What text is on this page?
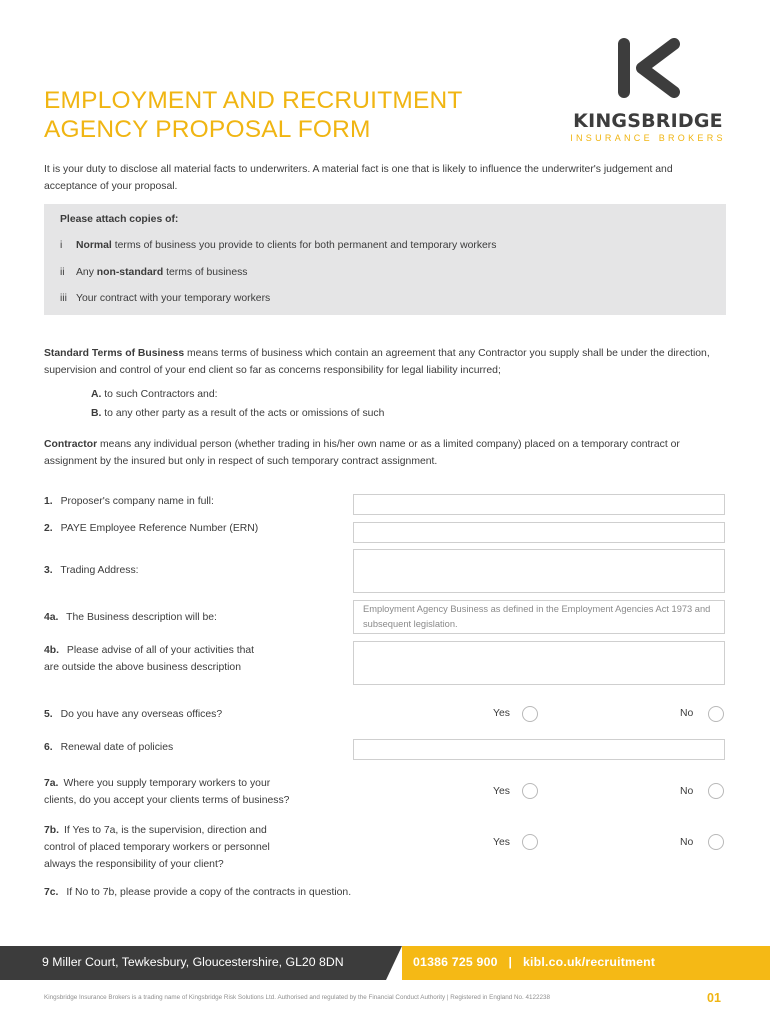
EMPLOYMENT AND RECRUITMENT
AGENCY PROPOSAL FORM	KINGSBRIDGE
INSURANCE BROKERS
It is your duty to disclose all material facts to underwriters. A material fact is one that is likely to influence the underwriter's judgement and acceptance of your proposal.
Please attach copies of:
i Normal terms of business you provide to clients for both permanent and temporary workers
ii Any non-standard terms of business
iii Your contract with your temporary workers
Standard Terms of Business means terms of business which contain an agreement that any Contractor you supply shall be under the direction, supervision and control of your end client so far as concerns responsibility for legal liability incurred;
A. to such Contractors and:
B. to any other party as a result of the acts or omissions of such
Contractor means any individual person (whether trading in his/her own name or as a limited company) placed on a temporary contract or assignment by the insured but only in respect of such temporary contract assignment.
1. Proposer's company name in full:
2. PAYE Employee Reference Number (ERN)
3. Trading Address:
4a. The Business description will be:
Employment Agency Business as defined in the Employment Agencies Act 1973 and subsequent legislation.
4b. Please advise of all of your activities that
are outside the above business description
5. Do you have any overseas offices?	Yes	No
6. Renewal date of policies
7a. Where you supply temporary workers to your
clients, do you accept your clients terms of business?
Yes	No
7b. If Yes to 7a, is the supervision, direction and
control of placed temporary workers or personnel
always the responsibility of your client?
Yes	No
7c. If No to 7b, please provide a copy of the contracts in question.
9 Miller Court, Tewkesbury, Gloucestershire, GL20 8DN	01386 725 900   |   kibl.co.uk/recruitment
Kingsbridge Insurance Brokers is a trading name of Kingsbridge Risk Solutions Ltd. Authorised and regulated by the Financial Conduct Authority | Registered in England No. 4122238	01
